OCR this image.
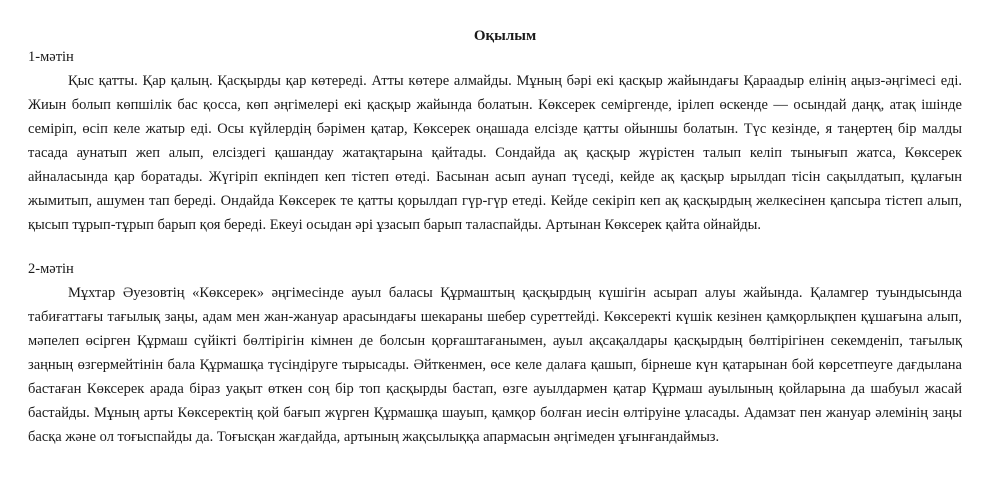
Оқылым

1-мәтін

Қыс қатты. Қар қалың. Қасқырды қар көтереді. Атты көтере алмайды. Мұның бәрі екі қасқыр жайындағы Қараадыр елінің аңыз-әңгімесі еді. Жиын болып көпшілік бас қосса, көп әңгімелері екі қасқыр жайында болатын. Көксерек семіргенде, ірілеп өскенде — осындай даңқ, атақ ішінде семіріп, өсіп келе жатыр еді. Осы күйлердің бәрімен қатар, Көксерек оңашада елсізде қатты ойыншы болатын. Түс кезінде, я таңертең бір малды тасада аунатып жеп алып, елсіздегі қашандау жатақтарына қайтады. Сондайда ақ қасқыр жүрістен талып келіп тынығып жатса, Көксерек айналасында қар боратады. Жүгіріп екпіндеп кеп тістеп өтеді. Басынан асып аунап түседі, кейде ақ қасқыр ырылдап тісін сақылдатып, құлағын жымитып, ашумен тап береді. Ондайда Көксерек те қатты қорылдап гүр-гүр етеді. Кейде секіріп кеп ақ қасқырдың желкесінен қапсыра тістеп алып, қысып тұрып-тұрып барып қоя береді. Екеуі осыдан әрі ұзасып барып таласпайды. Артынан Көксерек қайта ойнайды.

2-мәтін

Мұхтар Әуезовтің «Көксерек» әңгімесінде ауыл баласы Құрмаштың қасқырдың күшігін асырап алуы жайында. Қаламгер туындысында табиғаттағы тағылық заңы, адам мен жан-жануар арасындағы шекараны шебер суреттейді. Көксеректі күшік кезінен қамқорлықпен құшағына алып, мәпелеп өсірген Құрмаш сүйікті бөлтірігін кімнен де болсын қорғаштағанымен, ауыл ақсақалдары қасқырдың бөлтірігінен секемденіп, тағылық заңның өзгермейтінін бала Құрмашқа түсіндіруге тырысады. Әйткенмен, өсе келе далаға қашып, бірнеше күн қатарынан бой көрсетпеуге дағдылана бастаған Көксерек арада біраз уақыт өткен соң бір топ қасқырды бастап, өзге ауылдармен қатар Құрмаш ауылының қойларына да шабуыл жасай бастайды. Мұның арты Көксеректің қой бағып жүрген Құрмашқа шауып, қамқор болған иесін өлтіруіне ұласады. Адамзат пен жануар әлемінің заңы басқа және ол тоғыспайды да. Тоғысқан жағдайда, артының жақсылыққа апармасын әңгімеден ұғынғандаймыз.
